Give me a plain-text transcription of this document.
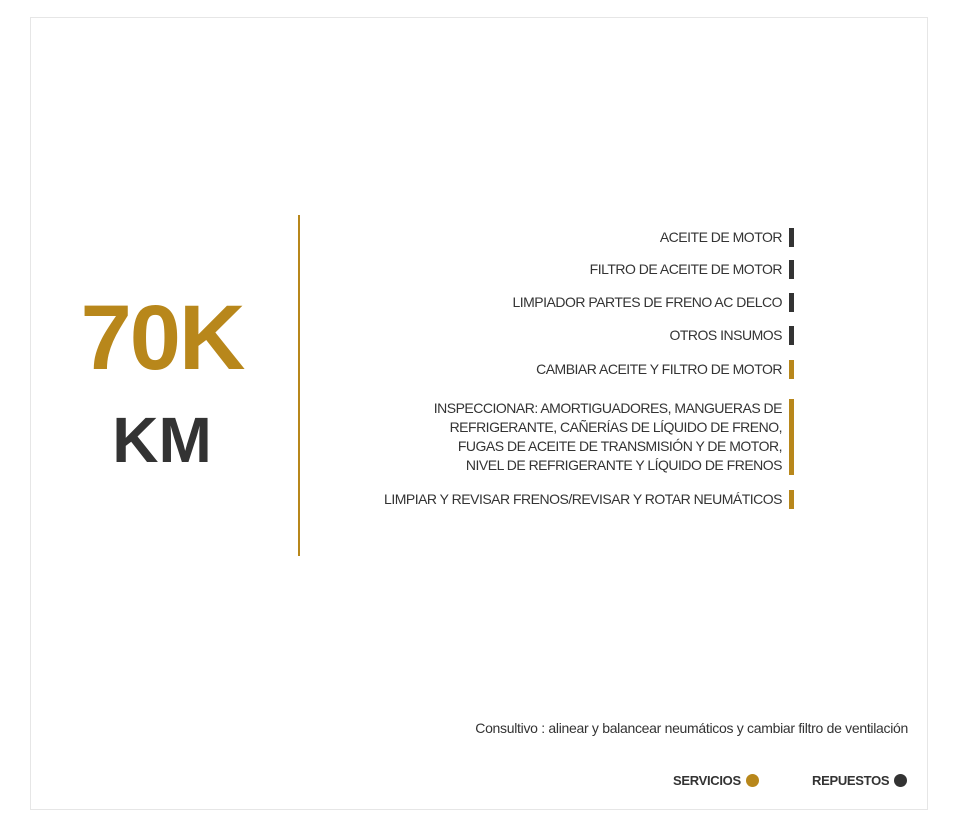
70K
KM
ACEITE DE MOTOR
FILTRO DE ACEITE DE MOTOR
LIMPIADOR PARTES DE FRENO AC DELCO
OTROS INSUMOS
CAMBIAR ACEITE Y FILTRO DE MOTOR
INSPECCIONAR: AMORTIGUADORES, MANGUERAS DE
REFRIGERANTE, CAÑERÍAS DE LÍQUIDO DE FRENO,
FUGAS DE ACEITE DE TRANSMISIÓN Y DE MOTOR,
NIVEL DE REFRIGERANTE Y LÍQUIDO DE FRENOS
LIMPIAR Y REVISAR FRENOS/REVISAR Y ROTAR NEUMÁTICOS
Consultivo : alinear y balancear neumáticos y cambiar filtro de ventilación
SERVICIOS	REPUESTOS
